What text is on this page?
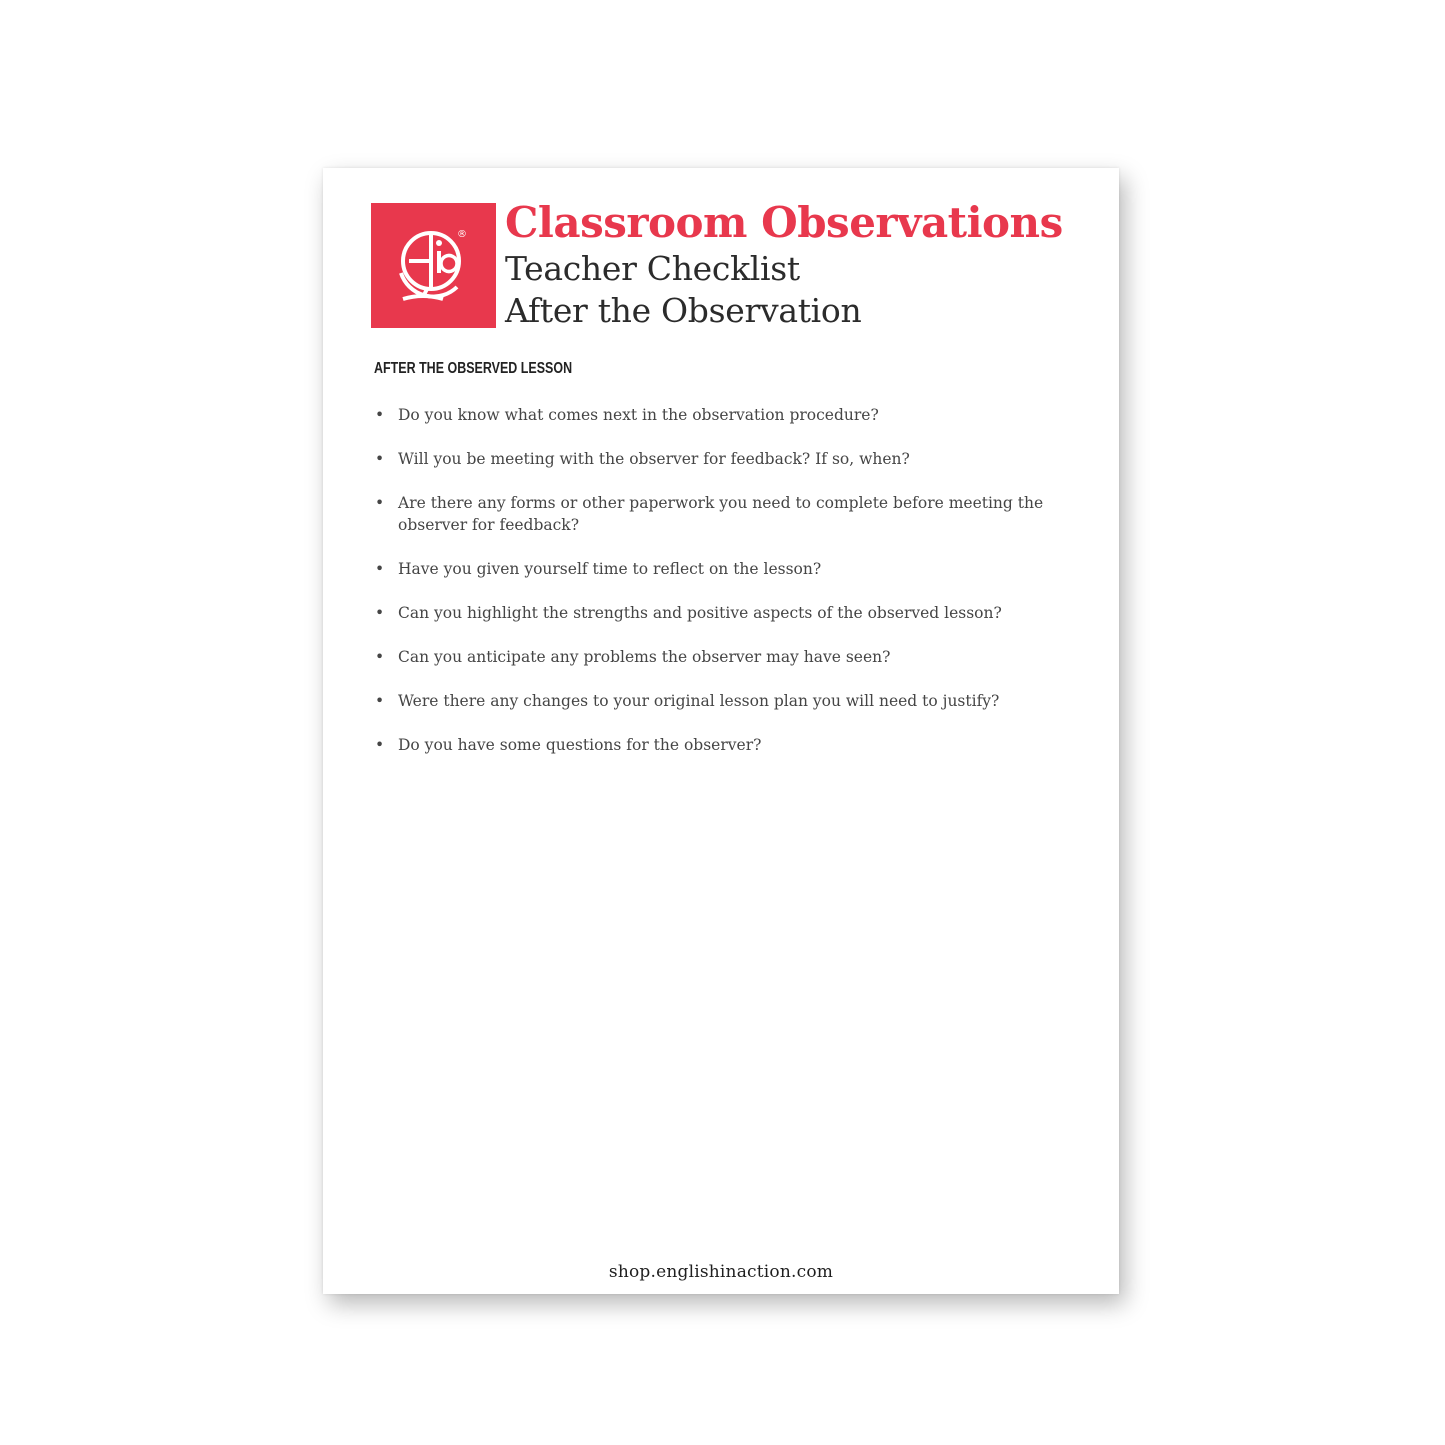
® Classroom Observations

Teacher Checklist

After the Observation

AFTER THE OBSERVED LESSON
• Do you know what comes next in the observation procedure?
• Will you be meeting with the observer for feedback? If so, when?
• Are there any forms or other paperwork you need to complete before meeting the observer for feedback?
• Have you given yourself time to reflect on the lesson?
• Can you highlight the strengths and positive aspects of the observed lesson?
• Can you anticipate any problems the observer may have seen?
• Were there any changes to your original lesson plan you will need to justify?
• Do you have some questions for the observer?
shop.englishinaction.com
